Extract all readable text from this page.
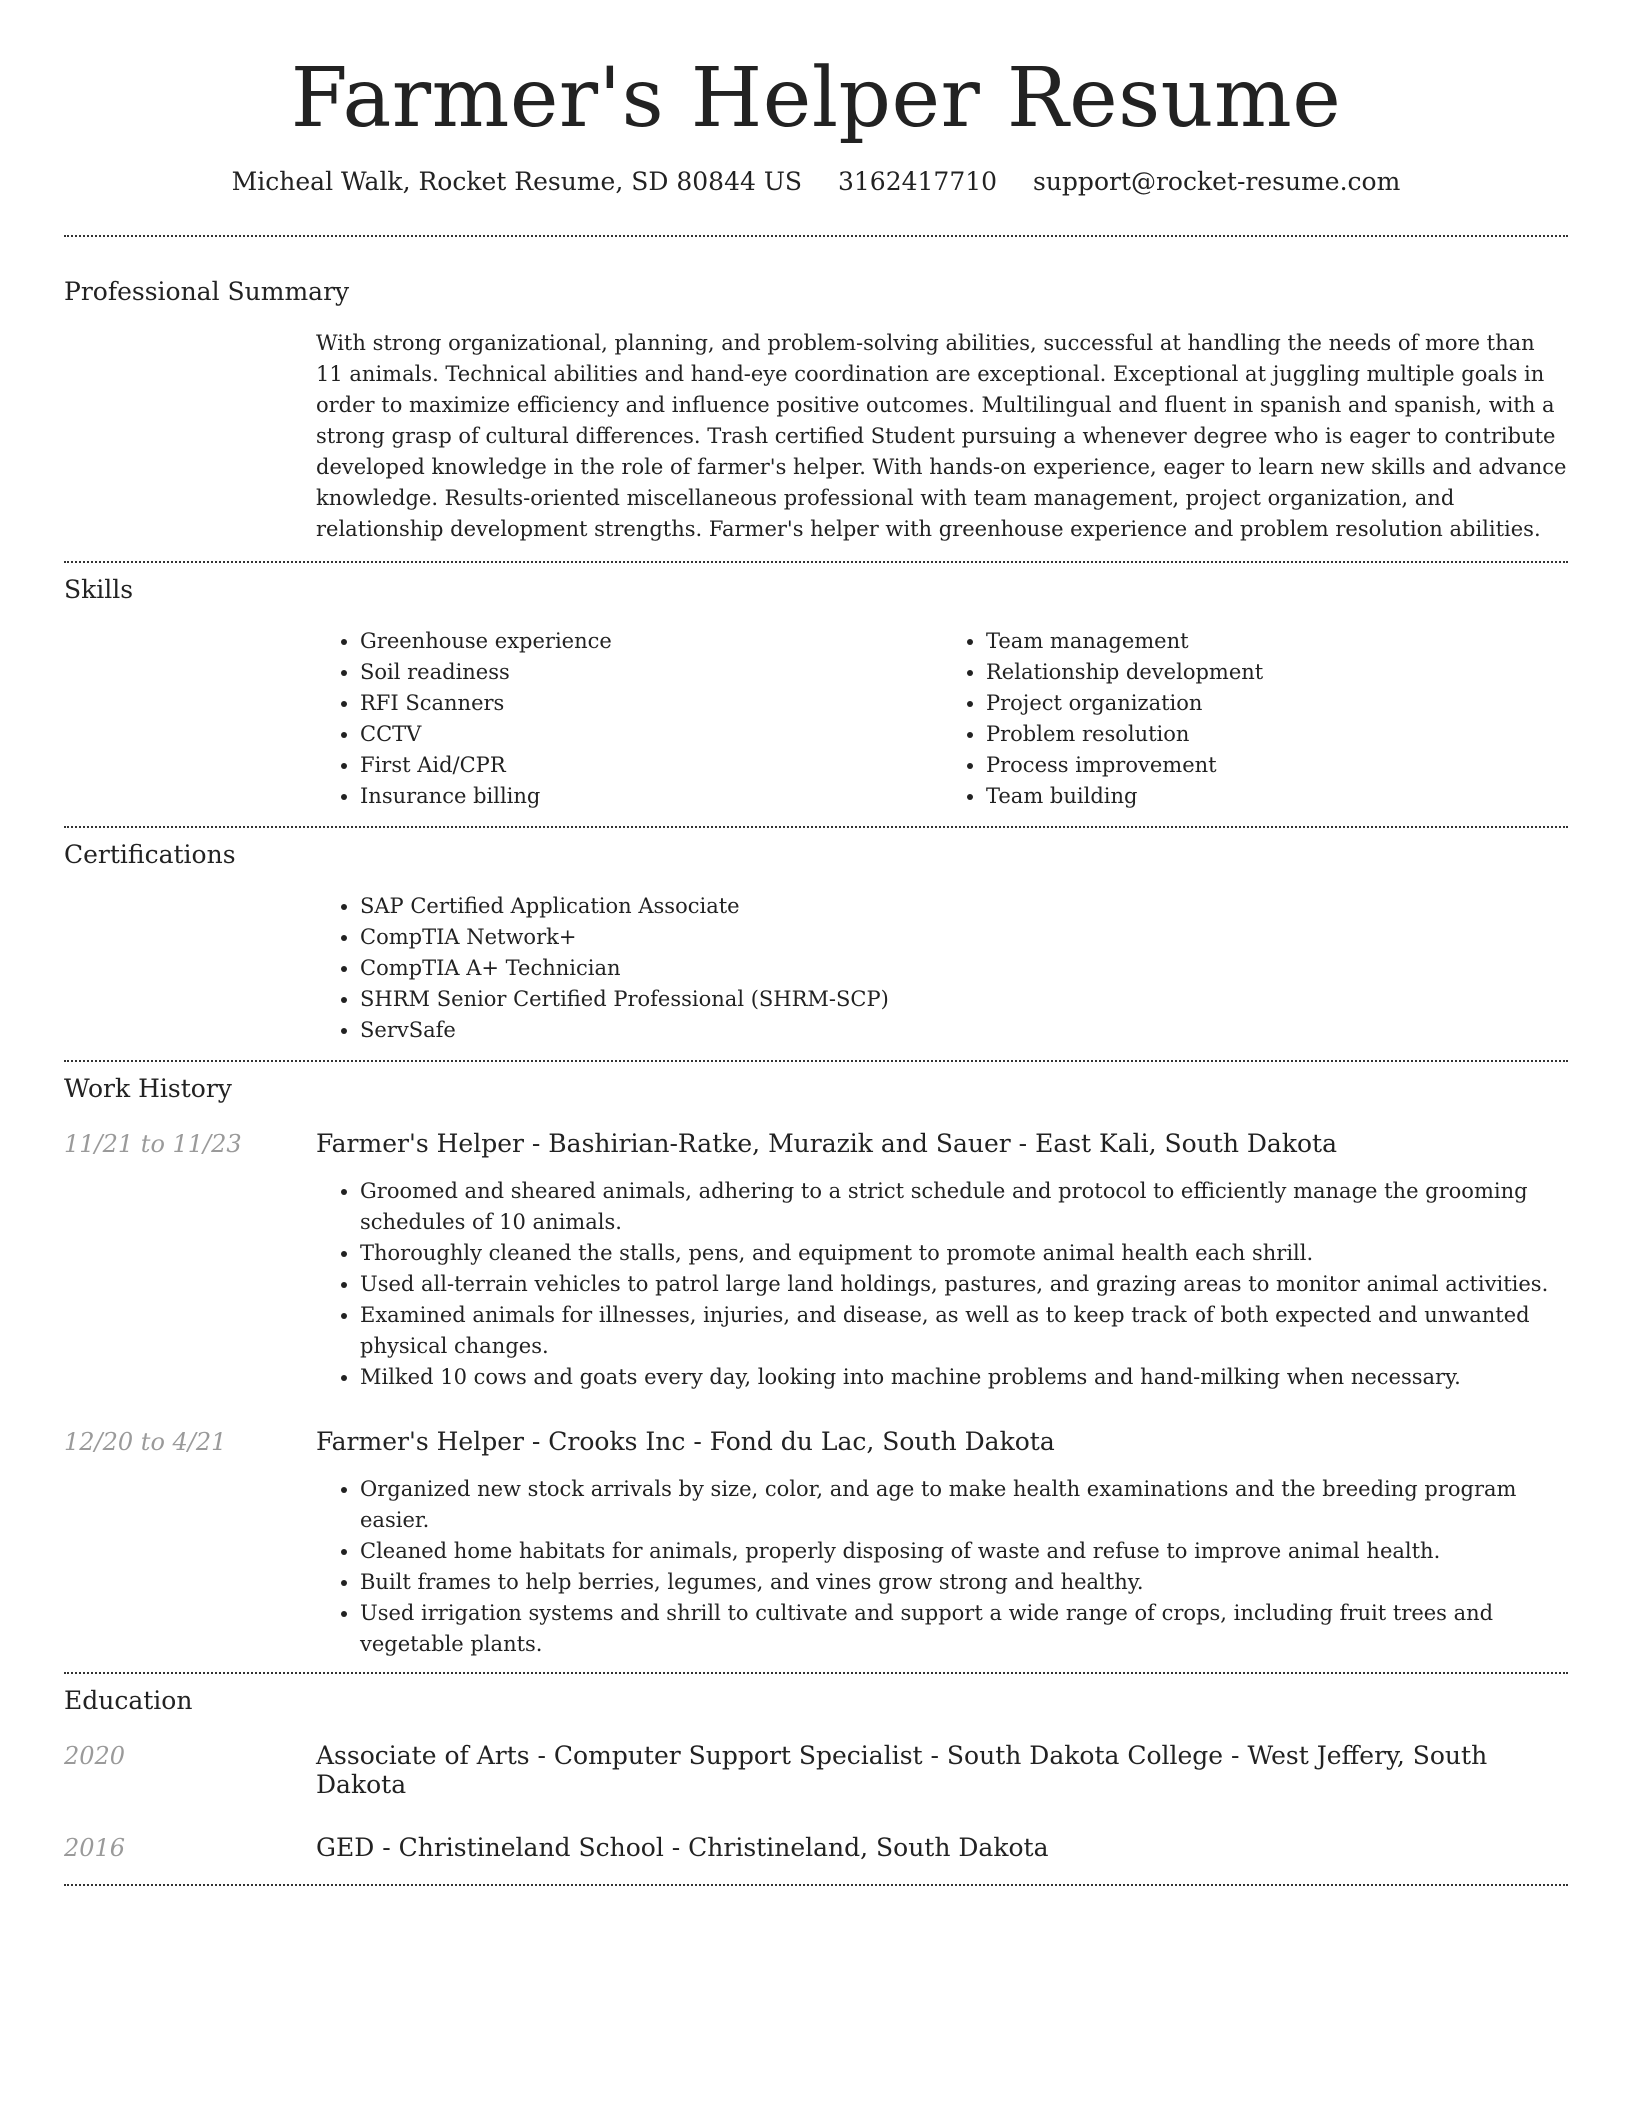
Farmer's Helper Resume
Micheal Walk, Rocket Resume, SD 80844 US 3162417710 support@rocket-resume.com
Professional Summary

With strong organizational, planning, and problem-solving abilities, successful at handling the needs of more than 11 animals. Technical abilities and hand-eye coordination are exceptional. Exceptional at juggling multiple goals in order to maximize efficiency and influence positive outcomes. Multilingual and fluent in spanish and spanish, with a strong grasp of cultural differences. Trash certified Student pursuing a whenever degree who is eager to contribute developed knowledge in the role of farmer's helper. With hands-on experience, eager to learn new skills and advance knowledge. Results-oriented miscellaneous professional with team management, project organization, and relationship development strengths. Farmer's helper with greenhouse experience and problem resolution abilities.

Skills
• Greenhouse experience
• Soil readiness
• RFI Scanners
• CCTV
• First Aid/CPR
• Insurance billing
• Team management
• Relationship development
• Project organization
• Problem resolution
• Process improvement
• Team building
Certifications
• SAP Certified Application Associate
• CompTIA Network+
• CompTIA A+ Technician
• SHRM Senior Certified Professional (SHRM-SCP)
• ServSafe
Work History
11/21 to 11/23	Farmer's Helper - Bashirian-Ratke, Murazik and Sauer - East Kali, South Dakota
• Groomed and sheared animals, adhering to a strict schedule and protocol to efficiently manage the grooming schedules of 10 animals.
• Thoroughly cleaned the stalls, pens, and equipment to promote animal health each shrill.
• Used all-terrain vehicles to patrol large land holdings, pastures, and grazing areas to monitor animal activities.
• Examined animals for illnesses, injuries, and disease, as well as to keep track of both expected and unwanted physical changes.
• Milked 10 cows and goats every day, looking into machine problems and hand-milking when necessary.
12/20 to 4/21	Farmer's Helper - Crooks Inc - Fond du Lac, South Dakota
• Organized new stock arrivals by size, color, and age to make health examinations and the breeding program easier.
• Cleaned home habitats for animals, properly disposing of waste and refuse to improve animal health.
• Built frames to help berries, legumes, and vines grow strong and healthy.
• Used irrigation systems and shrill to cultivate and support a wide range of crops, including fruit trees and vegetable plants.
Education
2020	Associate of Arts - Computer Support Specialist - South Dakota College - West Jeffery, South Dakota
2016	GED - Christineland School - Christineland, South Dakota
